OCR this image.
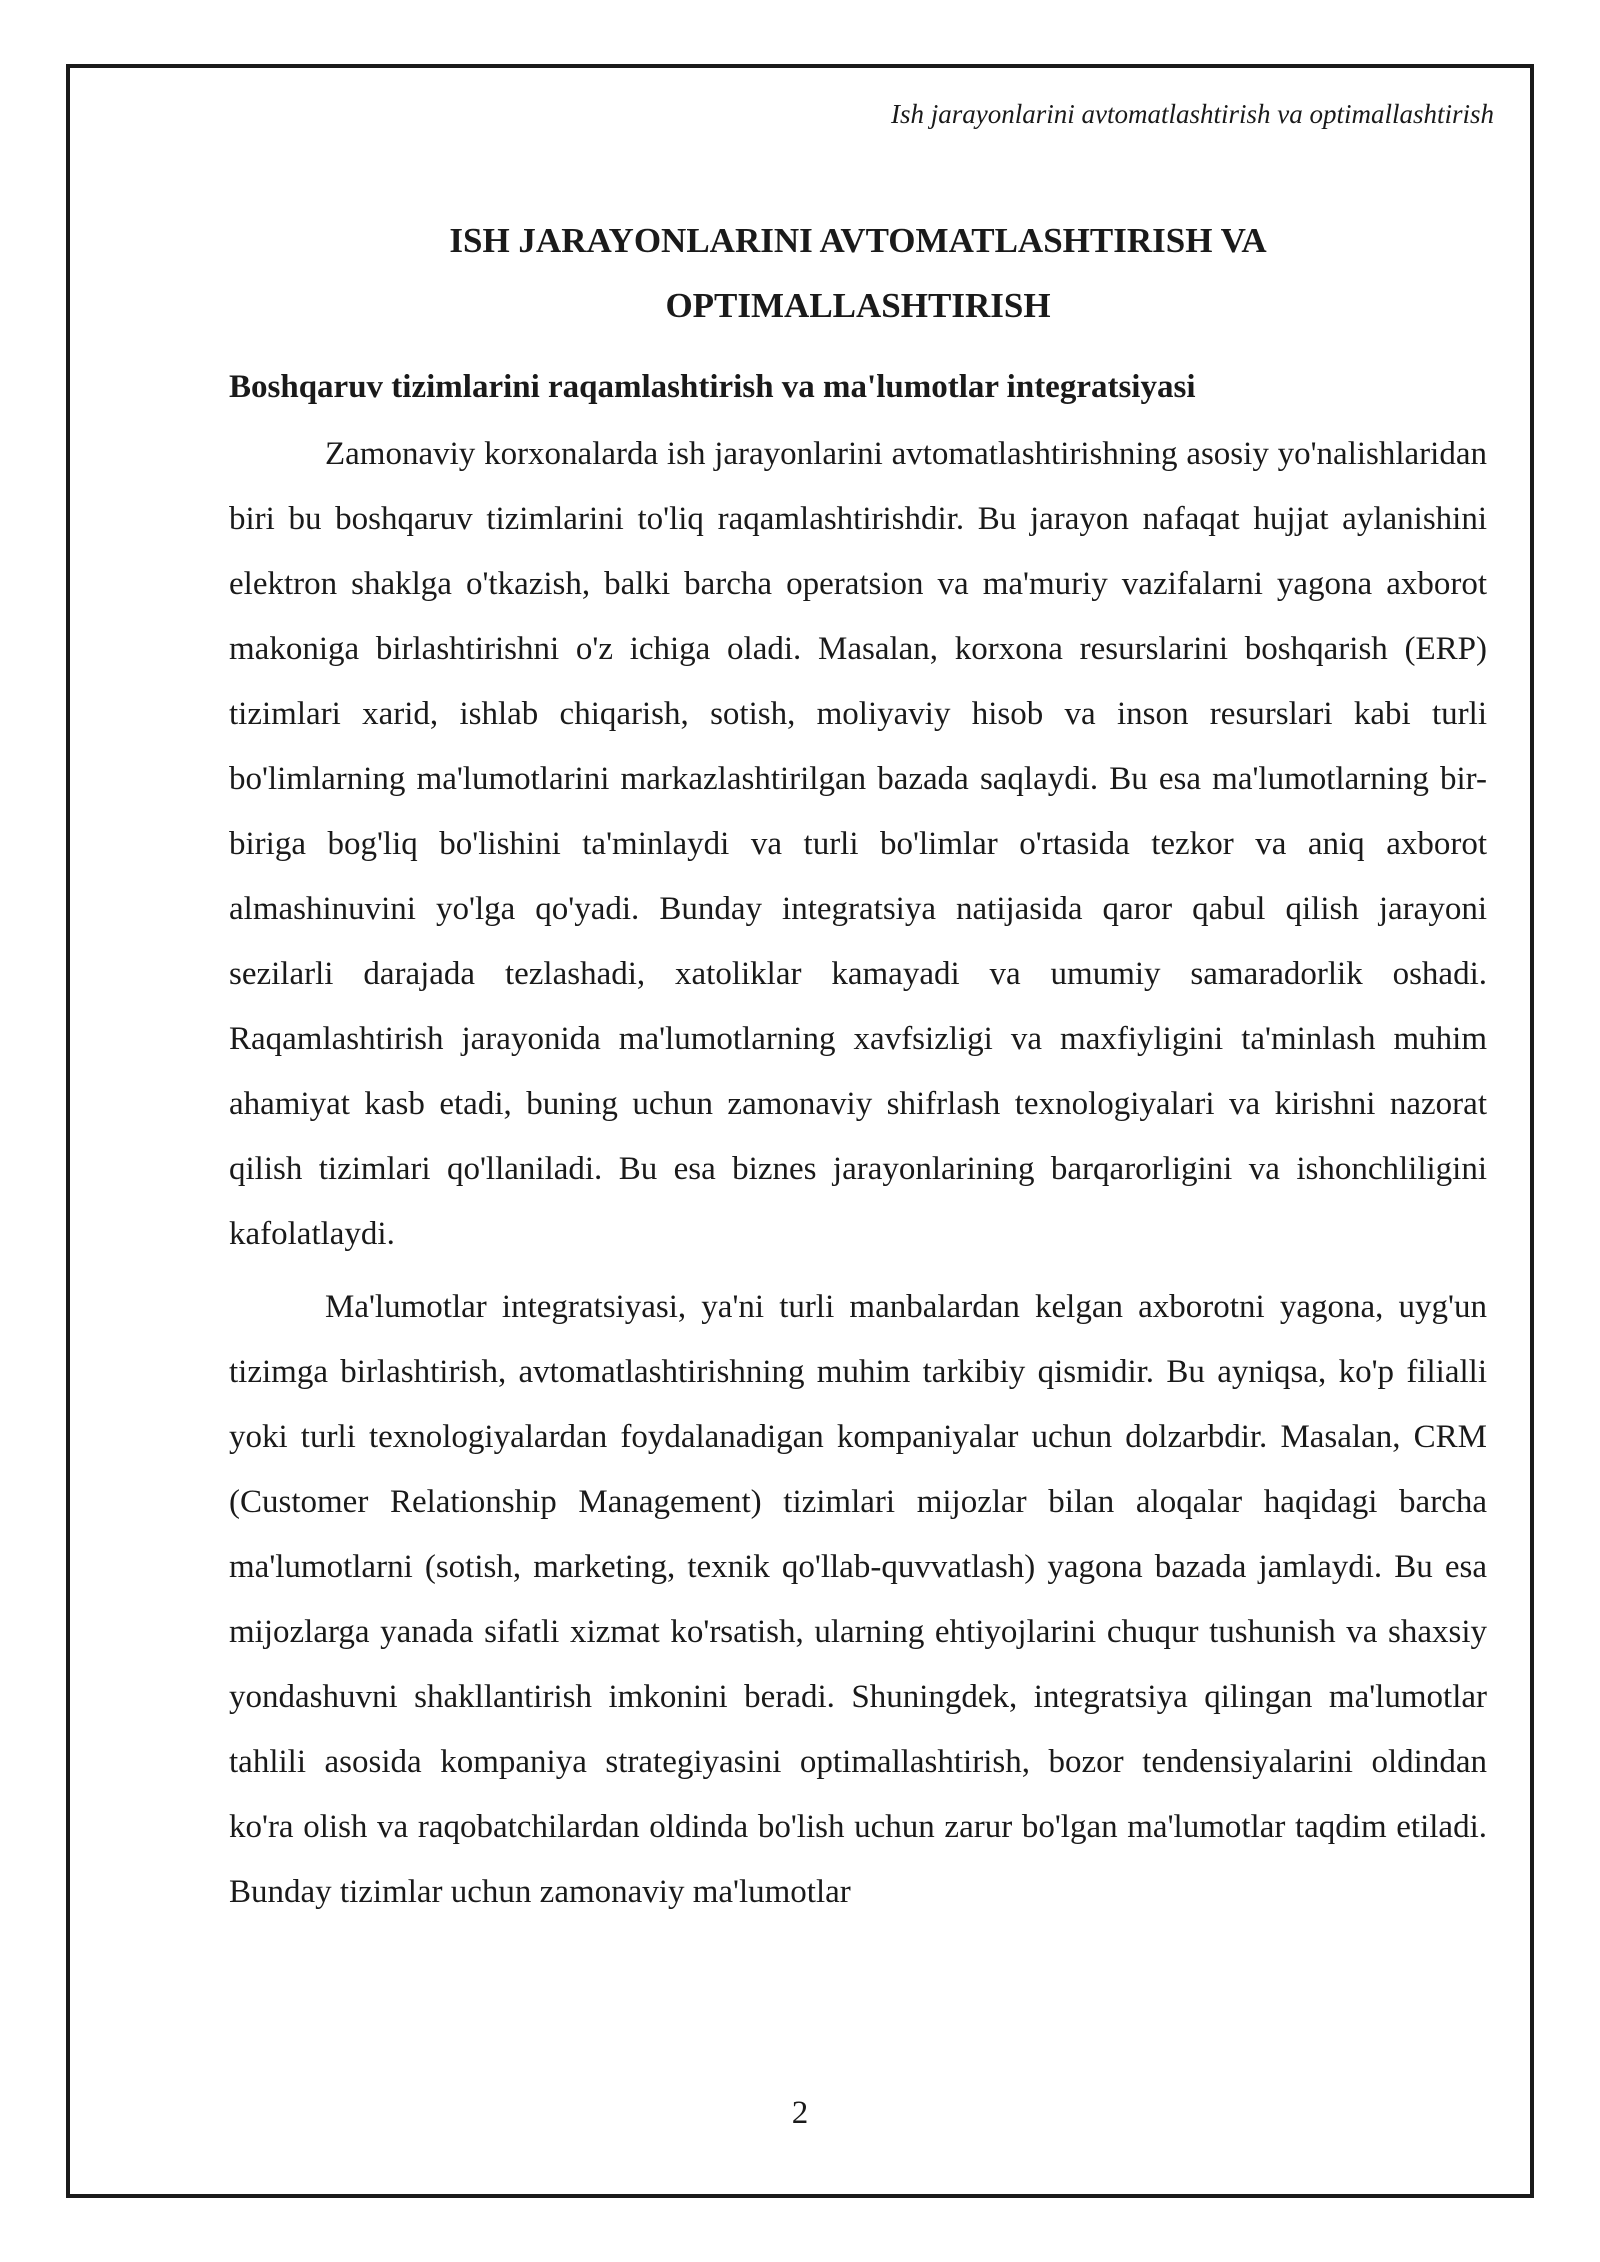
Ish jarayonlarini avtomatlashtirish va optimallashtirish
ISH JARAYONLARINI AVTOMATLASHTIRISH VA
OPTIMALLASHTIRISH
Boshqaruv tizimlarini raqamlashtirish va ma'lumotlar integratsiyasi

Zamonaviy korxonalarda ish jarayonlarini avtomatlashtirishning asosiy yo'nalishlaridan biri bu boshqaruv tizimlarini to'liq raqamlashtirishdir. Bu jarayon nafaqat hujjat aylanishini elektron shaklga o'tkazish, balki barcha operatsion va ma'muriy vazifalarni yagona axborot makoniga birlashtirishni o'z ichiga oladi. Masalan, korxona resurslarini boshqarish (ERP) tizimlari xarid, ishlab chiqarish, sotish, moliyaviy hisob va inson resurslari kabi turli bo'limlarning ma'lumotlarini markazlashtirilgan bazada saqlaydi. Bu esa ma'lumotlarning bir-biriga bog'liq bo'lishini ta'minlaydi va turli bo'limlar o'rtasida tezkor va aniq axborot almashinuvini yo'lga qo'yadi. Bunday integratsiya natijasida qaror qabul qilish jarayoni sezilarli darajada tezlashadi, xatoliklar kamayadi va umumiy samaradorlik oshadi. Raqamlashtirish jarayonida ma'lumotlarning xavfsizligi va maxfiyligini ta'minlash muhim ahamiyat kasb etadi, buning uchun zamonaviy shifrlash texnologiyalari va kirishni nazorat qilish tizimlari qo'llaniladi. Bu esa biznes jarayonlarining barqarorligini va ishonchliligini kafolatlaydi.

Ma'lumotlar integratsiyasi, ya'ni turli manbalardan kelgan axborotni yagona, uyg'un tizimga birlashtirish, avtomatlashtirishning muhim tarkibiy qismidir. Bu ayniqsa, ko'p filialli yoki turli texnologiyalardan foydalanadigan kompaniyalar uchun dolzarbdir. Masalan, CRM (Customer Relationship Management) tizimlari mijozlar bilan aloqalar haqidagi barcha ma'lumotlarni (sotish, marketing, texnik qo'llab-quvvatlash) yagona bazada jamlaydi. Bu esa mijozlarga yanada sifatli xizmat ko'rsatish, ularning ehtiyojlarini chuqur tushunish va shaxsiy yondashuvni shakllantirish imkonini beradi. Shuningdek, integratsiya qilingan ma'lumotlar tahlili asosida kompaniya strategiyasini optimallashtirish, bozor tendensiyalarini oldindan ko'ra olish va raqobatchilardan oldinda bo'lish uchun zarur bo'lgan ma'lumotlar taqdim etiladi. Bunday tizimlar uchun zamonaviy ma'lumotlar

2
